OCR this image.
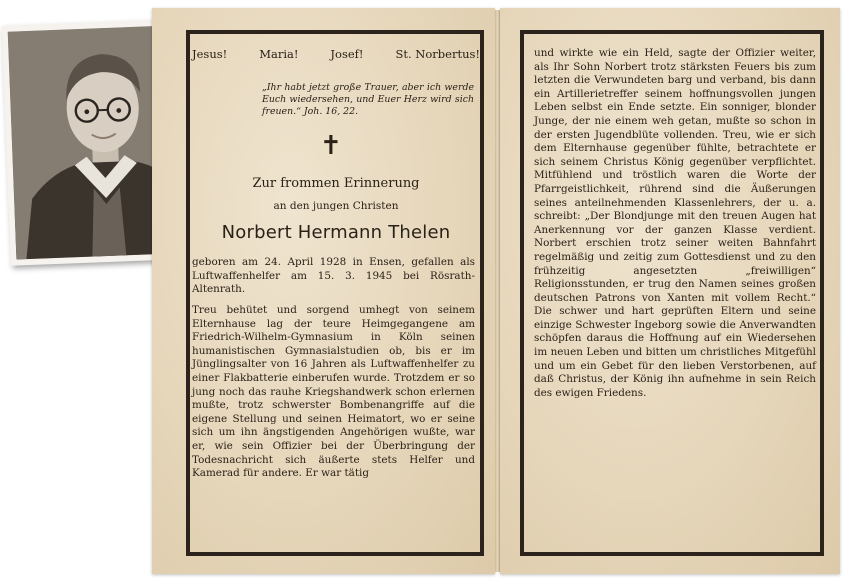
Jesus!	Maria!	Josef!	St. Norbertus!
„Ihr habt jetzt große Trauer, aber ich werde Euch wiedersehen, und Euer Herz wird sich freuen.“ Joh. 16, 22.
✝
Zur frommen Erinnerung
an den jungen Christen
Norbert Hermann Thelen
geboren am 24. April 1928 in Ensen, gefallen als Luftwaffenhelfer am 15. 3. 1945 bei Rösrath-Altenrath.
Treu behütet und sorgend umhegt von seinem Elternhause lag der teure Heimgegangene am Friedrich-Wilhelm-Gymnasium in Köln seinen humanistischen Gymnasialstudien ob, bis er im Jünglingsalter von 16 Jahren als Luftwaffenhelfer zu einer Flakbatterie einberufen wurde. Trotzdem er so jung noch das rauhe Kriegshandwerk schon erlernen mußte, trotz schwerster Bombenangriffe auf die eigene Stellung und seinen Heimatort, wo er seine sich um ihn ängstigenden Angehörigen wußte, war er, wie sein Offizier bei der Überbringung der Todesnachricht sich äußerte stets Helfer und Kamerad für andere. Er war tätig
und wirkte wie ein Held, sagte der Offizier weiter, als Ihr Sohn Norbert trotz stärksten Feuers bis zum letzten die Verwundeten barg und verband, bis dann ein Artillerietreffer seinem hoffnungsvollen jungen Leben selbst ein Ende setzte. Ein sonniger, blonder Junge, der nie einem weh getan, mußte so schon in der ersten Jugendblüte vollenden. Treu, wie er sich dem Elternhause gegenüber fühlte, betrachtete er sich seinem Christus König gegenüber verpflichtet. Mitfühlend und tröstlich waren die Worte der Pfarrgeistlichkeit, rührend sind die Äußerungen seines anteilnehmenden Klassenlehrers, der u. a. schreibt: „Der Blondjunge mit den treuen Augen hat Anerkennung vor der ganzen Klasse verdient. Norbert erschien trotz seiner weiten Bahnfahrt regelmäßig und zeitig zum Gottesdienst und zu den frühzeitig angesetzten „freiwilligen“ Religionsstunden, er trug den Namen seines großen deutschen Patrons von Xanten mit vollem Recht.“ Die schwer und hart geprüften Eltern und seine einzige Schwester Ingeborg sowie die Anverwandten schöpfen daraus die Hoffnung auf ein Wiedersehen im neuen Leben und bitten um christliches Mitgefühl und um ein Gebet für den lieben Verstorbenen, auf daß Christus, der König ihn aufnehme in sein Reich des ewigen Friedens.
